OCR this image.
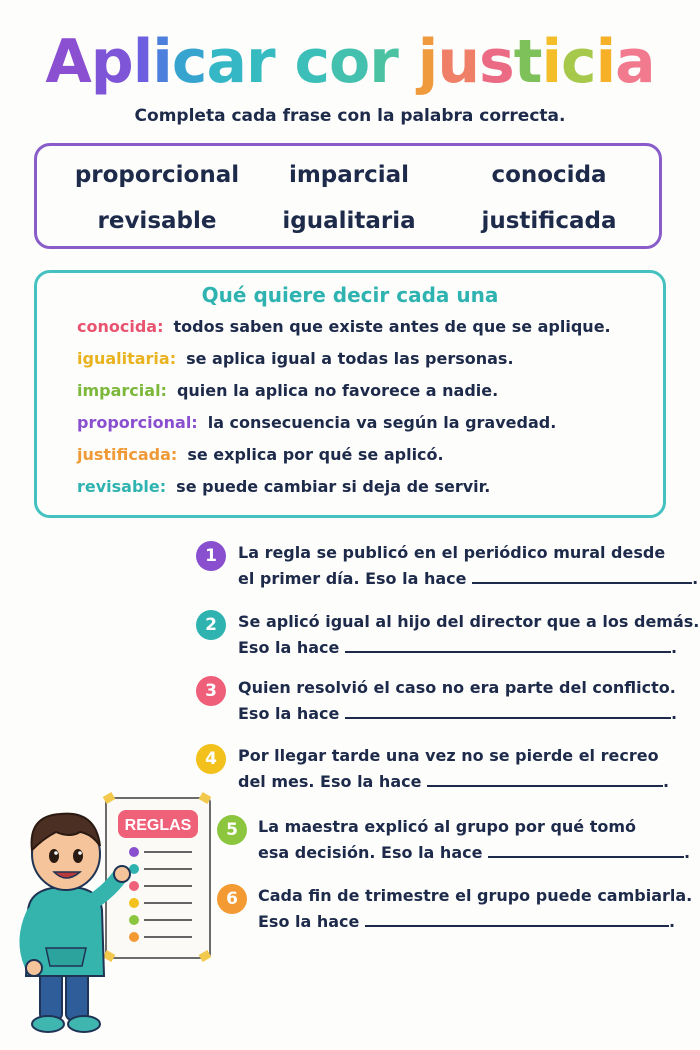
Aplicar cor justicia
Completa cada frase con la palabra correcta.
proporcional	imparcial	conocida
revisable	igualitaria	justificada
Qué quiere decir cada una
conocida: todos saben que existe antes de que se aplique.
igualitaria: se aplica igual a todas las personas.
imparcial: quien la aplica no favorece a nadie.
proporcional: la consecuencia va según la gravedad.
justificada: se explica por qué se aplicó.
revisable: se puede cambiar si deja de servir.
1	La regla se publicó en el periódico mural desde
el primer día. Eso la hace	.
2	Se aplicó igual al hijo del director que a los demás.
Eso la hace	.
3	Quien resolvió el caso no era parte del conflicto.
Eso la hace	.
4	Por llegar tarde una vez no se pierde el recreo
del mes. Eso la hace	.
5	La maestra explicó al grupo por qué tomó
esa decisión. Eso la hace	.
6	Cada fin de trimestre el grupo puede cambiarla.
Eso la hace	.
REGLAS
